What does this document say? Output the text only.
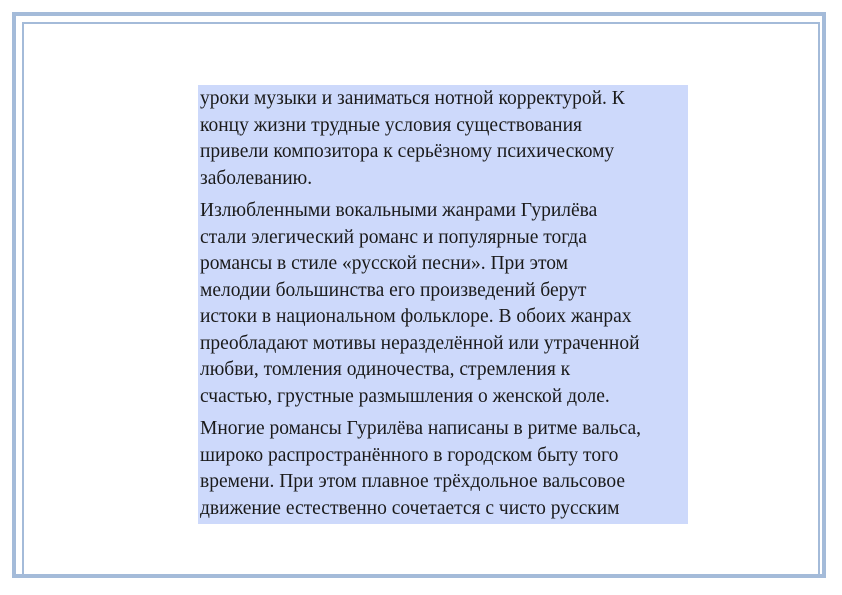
уроки музыки и заниматься нотной корректурой. К
концу жизни трудные условия существования
привели композитора к серьёзному психическому
заболеванию.

Излюбленными вокальными жанрами Гурилёва
стали элегический романс и популярные тогда
романсы в стиле «русской песни». При этом
мелодии большинства его произведений берут
истоки в национальном фольклоре. В обоих жанрах
преобладают мотивы неразделённой или утраченной
любви, томления одиночества, стремления к
счастью, грустные размышления о женской доле.

Многие романсы Гурилёва написаны в ритме вальса,
широко распространённого в городском быту того
времени. При этом плавное трёхдольное вальсовое
движение естественно сочетается с чисто русским
